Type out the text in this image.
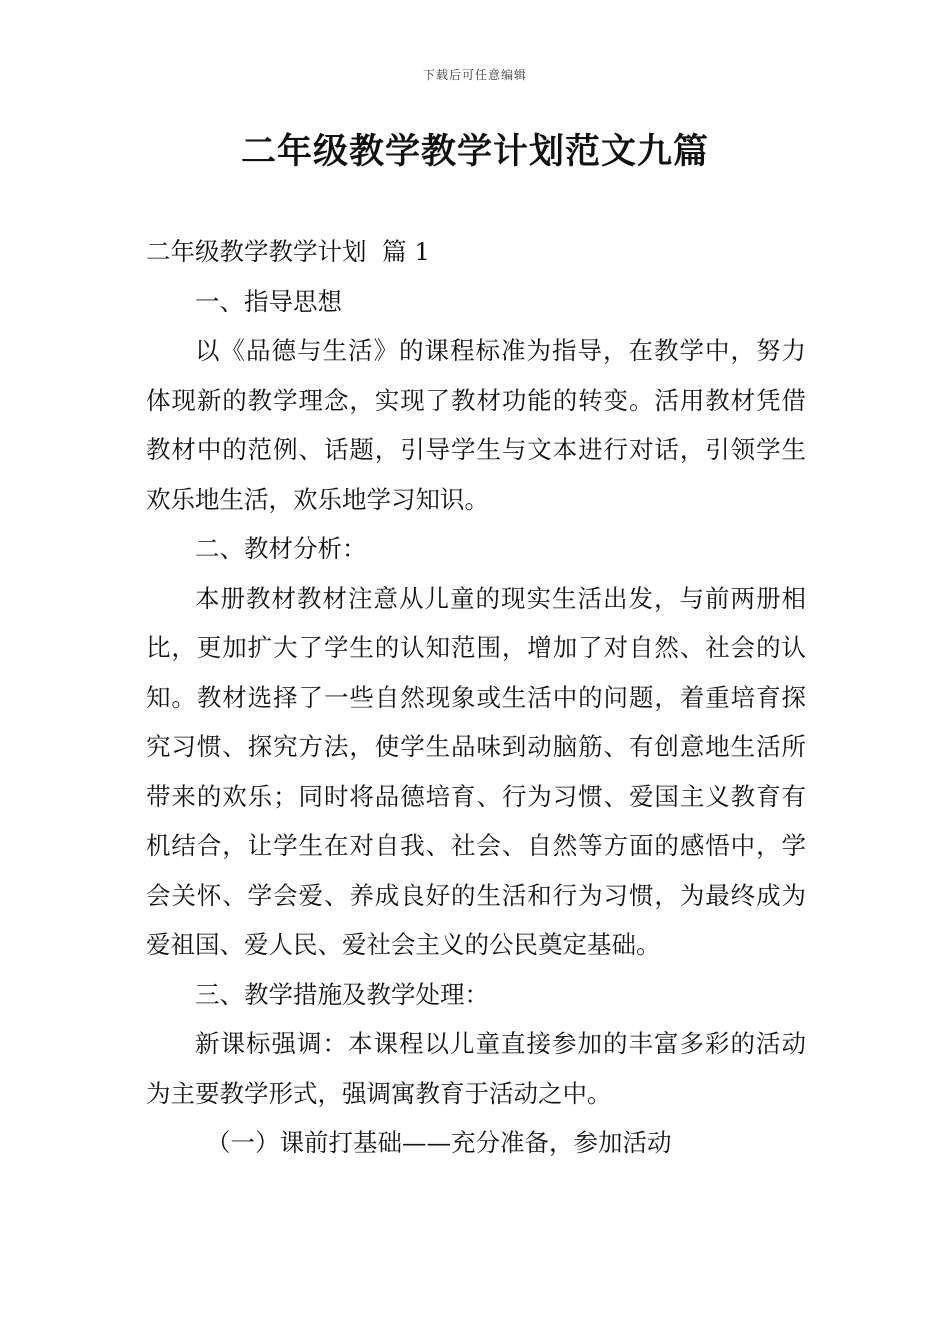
下载后可任意编辑
二年级教学教学计划范文九篇

二年级教学教学计划  篇 1

一、指导思想

以《品德与生活》的课程标准为指导，在教学中，努力体现新的教学理念，实现了教材功能的转变。活用教材凭借教材中的范例、话题，引导学生与文本进行对话，引领学生欢乐地生活，欢乐地学习知识。

二、教材分析：

本册教材教材注意从儿童的现实生活出发，与前两册相比，更加扩大了学生的认知范围，增加了对自然、社会的认知。教材选择了一些自然现象或生活中的问题，着重培育探究习惯、探究方法，使学生品味到动脑筋、有创意地生活所带来的欢乐；同时将品德培育、行为习惯、爱国主义教育有机结合，让学生在对自我、社会、自然等方面的感悟中，学会关怀、学会爱、养成良好的生活和行为习惯，为最终成为爱祖国、爱人民、爱社会主义的公民奠定基础。

三、教学措施及教学处理：

新课标强调：本课程以儿童直接参加的丰富多彩的活动为主要教学形式，强调寓教育于活动之中。

（一）课前打基础——充分准备，参加活动
